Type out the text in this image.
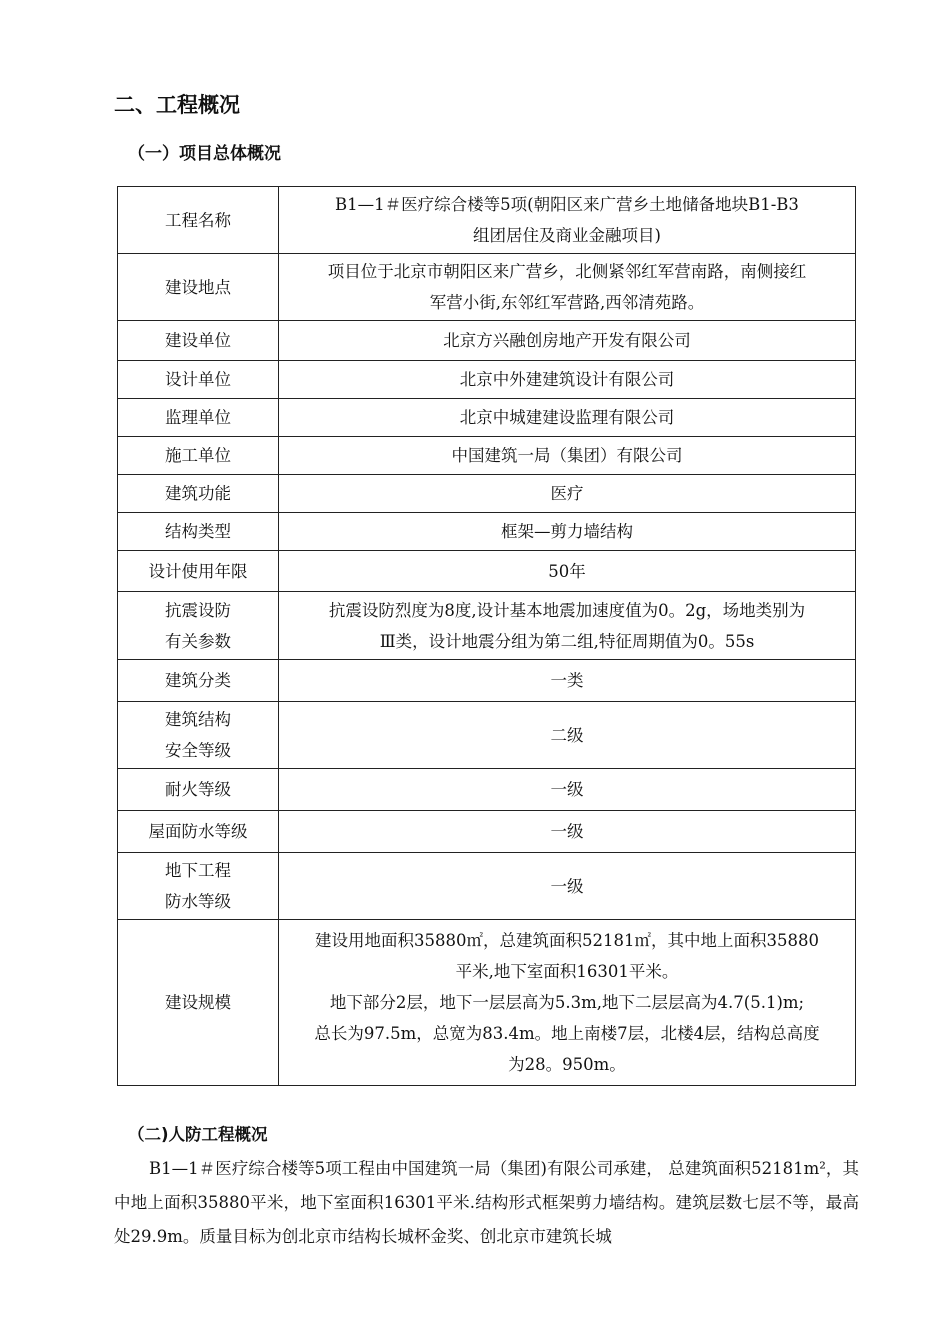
二、工程概况
（一）项目总体概况
工程名称	B1—1＃医疗综合楼等5项(朝阳区来广营乡土地储备地块B1-B3
组团居住及商业金融项目)

建设地点	项目位于北京市朝阳区来广营乡，北侧紧邻红军营南路，南侧接红
军营小街,东邻红军营路,西邻清苑路。

建设单位	北京方兴融创房地产开发有限公司

设计单位	北京中外建建筑设计有限公司

监理单位	北京中城建建设监理有限公司

施工单位	中国建筑一局（集团）有限公司

建筑功能	医疗

结构类型	框架—剪力墙结构

设计使用年限	50年

抗震设防
有关参数	抗震设防烈度为8度,设计基本地震加速度值为0。2g，场地类别为
Ⅲ类，设计地震分组为第二组,特征周期值为0。55s

建筑分类	一类

建筑结构
安全等级	二级

耐火等级	一级

屋面防水等级	一级

地下工程
防水等级	一级

建设规模	建设用地面积35880㎡，总建筑面积52181㎡，其中地上面积35880
平米,地下室面积16301平米。
地下部分2层，地下一层层高为5.3m,地下二层层高为4.7(5.1)m;
总长为97.5m，总宽为83.4m。地上南楼7层，北楼4层，结构总高度
为28。950m。
（二)人防工程概况

B1—1＃医疗综合楼等5项工程由中国建筑一局（集团)有限公司承建， 总建筑面积52181m²，其中地上面积35880平米，地下室面积16301平米.结构形式框架剪力墙结构。建筑层数七层不等，最高处29.9m。质量目标为创北京市结构长城杯金奖、创北京市建筑长城
